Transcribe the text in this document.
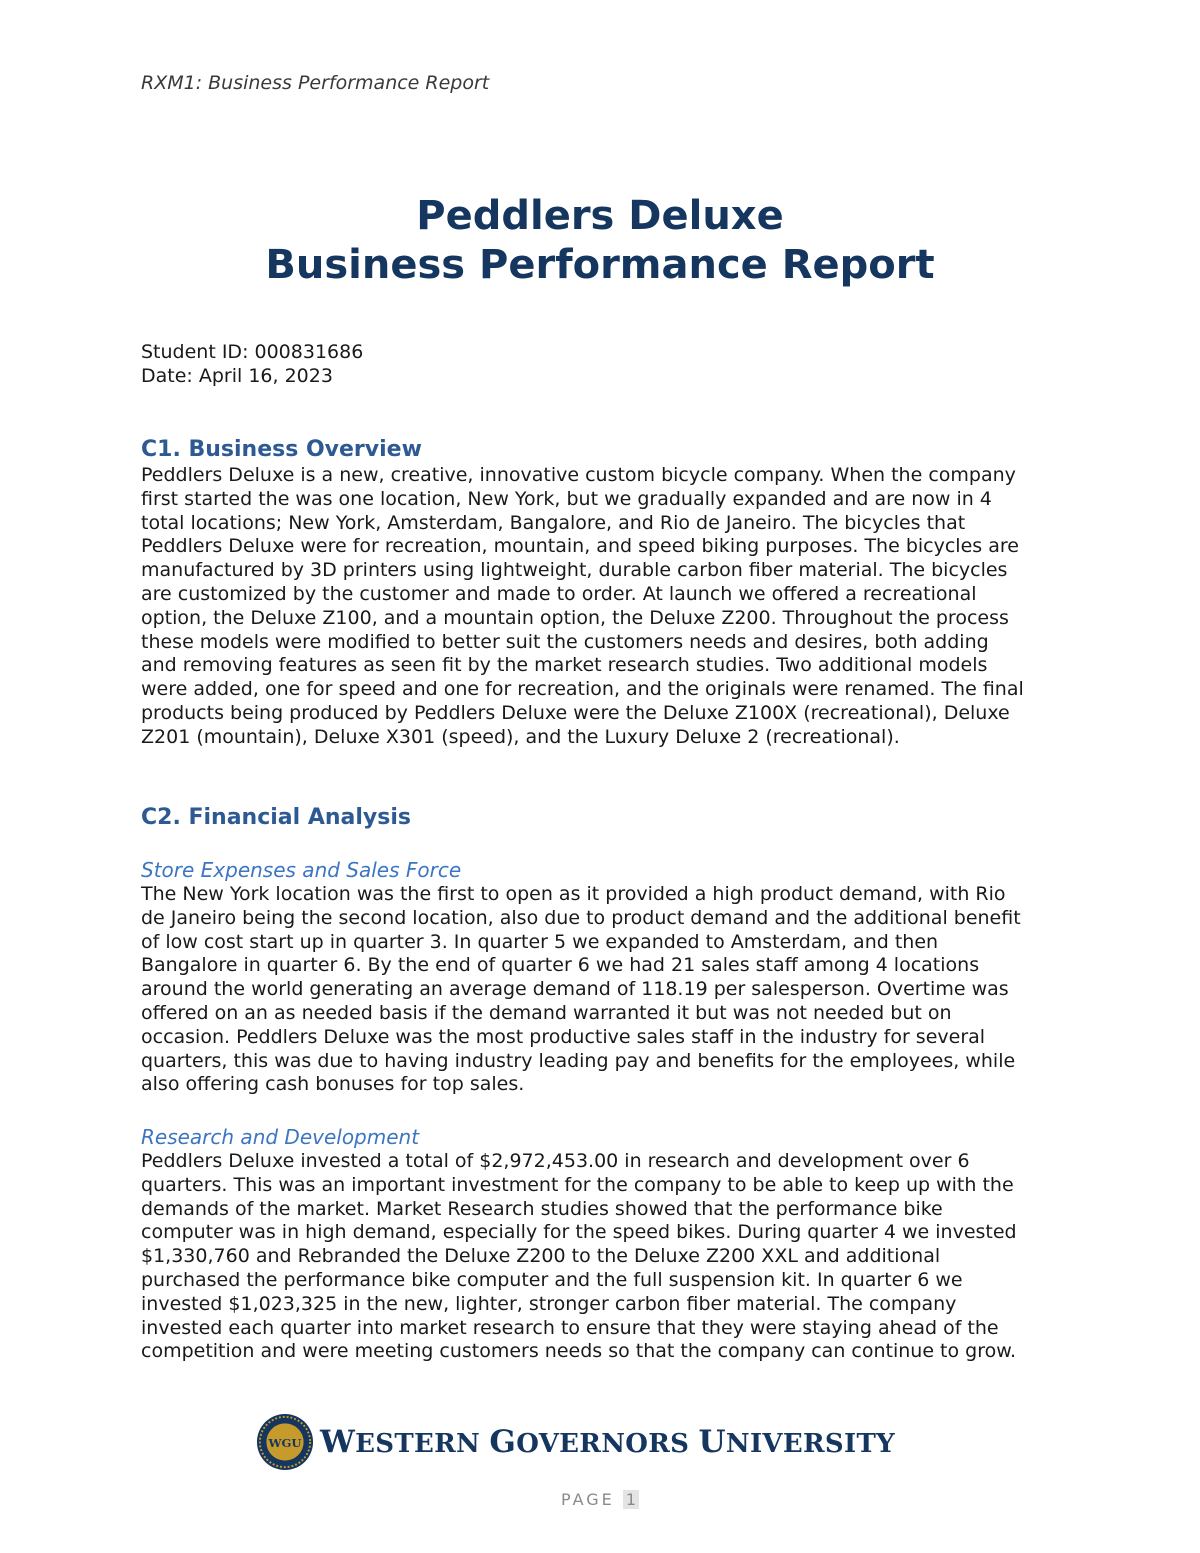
RXM1: Business Performance Report
Peddlers Deluxe
Business Performance Report
Student ID: 000831686
Date: April 16, 2023
C1. Business Overview
Peddlers Deluxe is a new, creative, innovative custom bicycle company. When the company
first started the was one location, New York, but we gradually expanded and are now in 4
total locations; New York, Amsterdam, Bangalore, and Rio de Janeiro. The bicycles that
Peddlers Deluxe were for recreation, mountain, and speed biking purposes. The bicycles are
manufactured by 3D printers using lightweight, durable carbon fiber material. The bicycles
are customized by the customer and made to order. At launch we offered a recreational
option, the Deluxe Z100, and a mountain option, the Deluxe Z200. Throughout the process
these models were modified to better suit the customers needs and desires, both adding
and removing features as seen fit by the market research studies. Two additional models
were added, one for speed and one for recreation, and the originals were renamed. The final
products being produced by Peddlers Deluxe were the Deluxe Z100X (recreational), Deluxe
Z201 (mountain), Deluxe X301 (speed), and the Luxury Deluxe 2 (recreational).
C2. Financial Analysis
Store Expenses and Sales Force
The New York location was the first to open as it provided a high product demand, with Rio
de Janeiro being the second location, also due to product demand and the additional benefit
of low cost start up in quarter 3. In quarter 5 we expanded to Amsterdam, and then
Bangalore in quarter 6. By the end of quarter 6 we had 21 sales staff among 4 locations
around the world generating an average demand of 118.19 per salesperson. Overtime was
offered on an as needed basis if the demand warranted it but was not needed but on
occasion. Peddlers Deluxe was the most productive sales staff in the industry for several
quarters, this was due to having industry leading pay and benefits for the employees, while
also offering cash bonuses for top sales.
Research and Development
Peddlers Deluxe invested a total of $2,972,453.00 in research and development over 6
quarters. This was an important investment for the company to be able to keep up with the
demands of the market. Market Research studies showed that the performance bike
computer was in high demand, especially for the speed bikes. During quarter 4 we invested
$1,330,760 and Rebranded the Deluxe Z200 to the Deluxe Z200 XXL and additional
purchased the performance bike computer and the full suspension kit. In quarter 6 we
invested $1,023,325 in the new, lighter, stronger carbon fiber material. The company
invested each quarter into market research to ensure that they were staying ahead of the
competition and were meeting customers needs so that the company can continue to grow.
WGU WESTERN GOVERNORS UNIVERSITY
PAGE 1
